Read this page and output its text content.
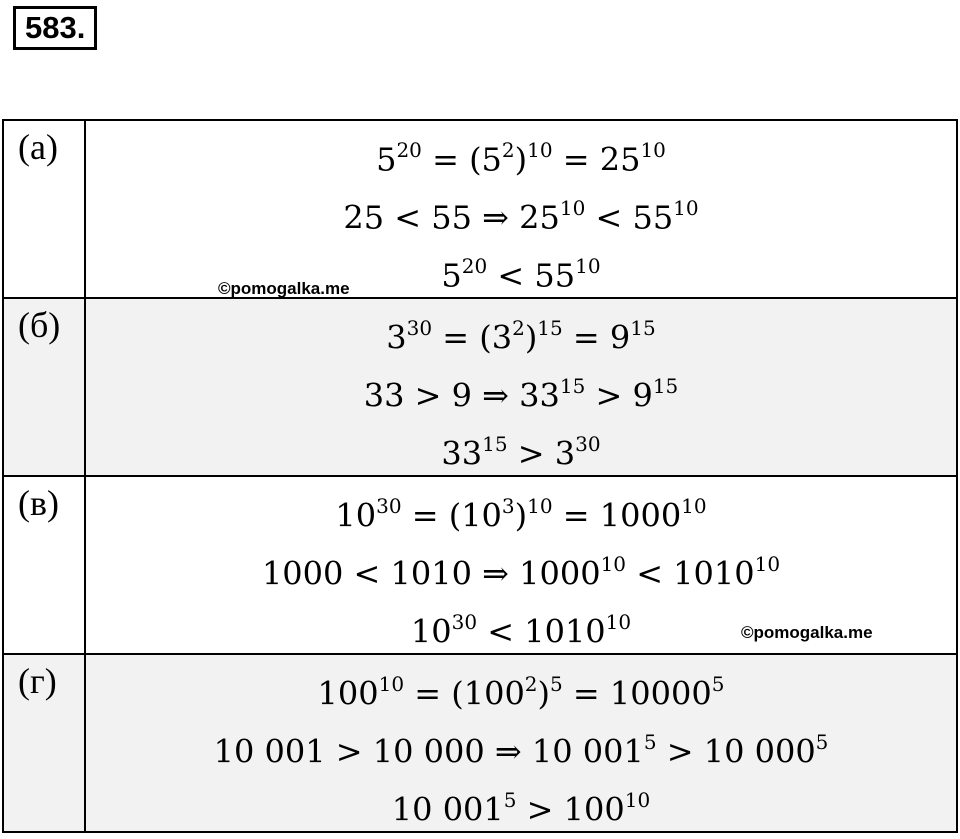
583.
(а)	$5^{20} = (5^2)^{10} = 25^{10}$
25 < 55 ⇒ $25^{10} < 55^{10}$
$5^{20} < 55^{10}$
©pomogalka.me

(б)	$3^{30} = (3^2)^{15} = 9^{15}$
33 > 9 ⇒ $33^{15} > 9^{15}$
$33^{15} > 3^{30}$

(в)	$10^{30} = (10^3)^{10} = 1000^{10}$
1000 < 1010 ⇒ $1000^{10} < 1010^{10}$
$10^{30} < 1010^{10}$ ©pomogalka.me

(г)	$100^{10} = (100^2)^5 = 10000^5$
10 001 > 10 000 ⇒ 10 $001^5 > 10$ $000^5$
10 $001^5 > 100^{10}$
